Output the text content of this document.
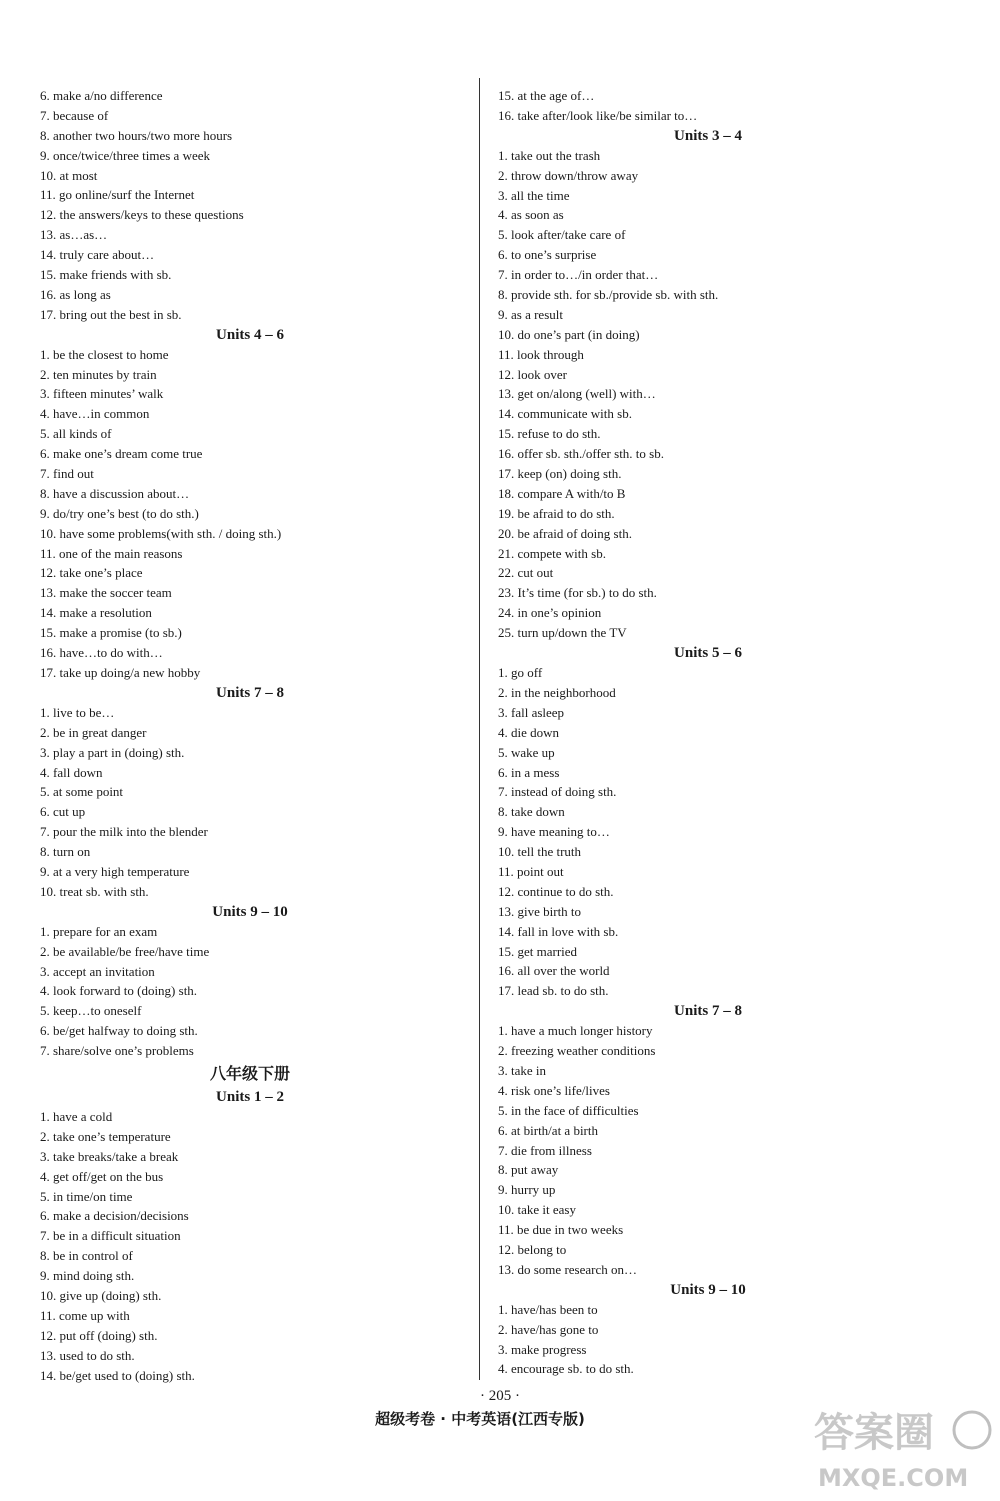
6. make a/no difference
7. because of
8. another two hours/two more hours
9. once/twice/three times a week
10. at most
11. go online/surf the Internet
12. the answers/keys to these questions
13. as…as…
14. truly care about…
15. make friends with sb.
16. as long as
17. bring out the best in sb.
Units 4 – 6
1. be the closest to home
2. ten minutes by train
3. fifteen minutes’ walk
4. have…in common
5. all kinds of
6. make one’s dream come true
7. find out
8. have a discussion about…
9. do/try one’s best (to do sth.)
10. have some problems(with sth. / doing sth.)
11. one of the main reasons
12. take one’s place
13. make the soccer team
14. make a resolution
15. make a promise (to sb.)
16. have…to do with…
17. take up doing/a new hobby
Units 7 – 8
1. live to be…
2. be in great danger
3. play a part in (doing) sth.
4. fall down
5. at some point
6. cut up
7. pour the milk into the blender
8. turn on
9. at a very high temperature
10. treat sb. with sth.
Units 9 – 10
1. prepare for an exam
2. be available/be free/have time
3. accept an invitation
4. look forward to (doing) sth.
5. keep…to oneself
6. be/get halfway to doing sth.
7. share/solve one’s problems
八年级下册
Units 1 – 2
1. have a cold
2. take one’s temperature
3. take breaks/take a break
4. get off/get on the bus
5. in time/on time
6. make a decision/decisions
7. be in a difficult situation
8. be in control of
9. mind doing sth.
10. give up (doing) sth.
11. come up with
12. put off (doing) sth.
13. used to do sth.
14. be/get used to (doing) sth.
15. at the age of…
16. take after/look like/be similar to…
Units 3 – 4
1. take out the trash
2. throw down/throw away
3. all the time
4. as soon as
5. look after/take care of
6. to one’s surprise
7. in order to…/in order that…
8. provide sth. for sb./provide sb. with sth.
9. as a result
10. do one’s part (in doing)
11. look through
12. look over
13. get on/along (well) with…
14. communicate with sb.
15. refuse to do sth.
16. offer sb. sth./offer sth. to sb.
17. keep (on) doing sth.
18. compare A with/to B
19. be afraid to do sth.
20. be afraid of doing sth.
21. compete with sb.
22. cut out
23. It’s time (for sb.) to do sth.
24. in one’s opinion
25. turn up/down the TV
Units 5 – 6
1. go off
2. in the neighborhood
3. fall asleep
4. die down
5. wake up
6. in a mess
7. instead of doing sth.
8. take down
9. have meaning to…
10. tell the truth
11. point out
12. continue to do sth.
13. give birth to
14. fall in love with sb.
15. get married
16. all over the world
17. lead sb. to do sth.
Units 7 – 8
1. have a much longer history
2. freezing weather conditions
3. take in
4. risk one’s life/lives
5. in the face of difficulties
6. at birth/at a birth
7. die from illness
8. put away
9. hurry up
10. take it easy
11. be due in two weeks
12. belong to
13. do some research on…
Units 9 – 10
1. have/has been to
2. have/has gone to
3. make progress
4. encourage sb. to do sth.
· 205 ·
超级考卷 · 中考英语(江西专版)	答案圈
MXQE.COM
